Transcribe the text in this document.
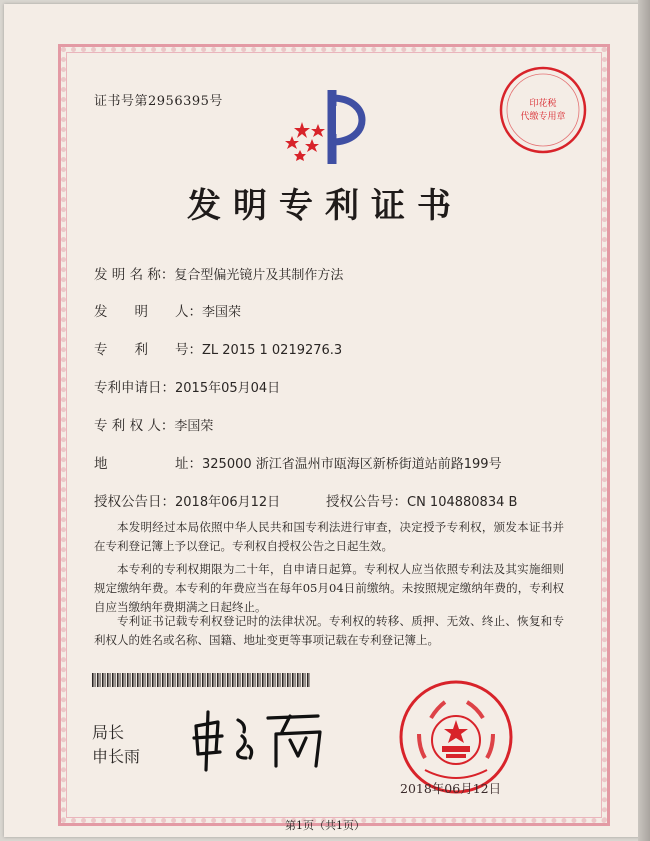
证书号第2956395号	印花税
代缴专用章
发明专利证书
发 明 名 称：复合型偏光镜片及其制作方法
发　　明　　人：李国荣
专　　利　　号：ZL 2015 1 0219276.3
专利申请日：2015年05月04日
专 利 权 人：李国荣
地　　　　　址：325000 浙江省温州市瓯海区新桥街道站前路199号
授权公告日：2018年06月12日	授权公告号：CN 104880834 B
本发明经过本局依照中华人民共和国专利法进行审查，决定授予专利权，颁发本证书并在专利登记簿上予以登记。专利权自授权公告之日起生效。
本专利的专利权期限为二十年，自申请日起算。专利权人应当依照专利法及其实施细则规定缴纳年费。本专利的年费应当在每年05月04日前缴纳。未按照规定缴纳年费的，专利权自应当缴纳年费期满之日起终止。
专利证书记载专利权登记时的法律状况。专利权的转移、质押、无效、终止、恢复和专利权人的姓名或名称、国籍、地址变更等事项记载在专利登记簿上。
局长
申长雨
2018年06月12日
第1页（共1页）
